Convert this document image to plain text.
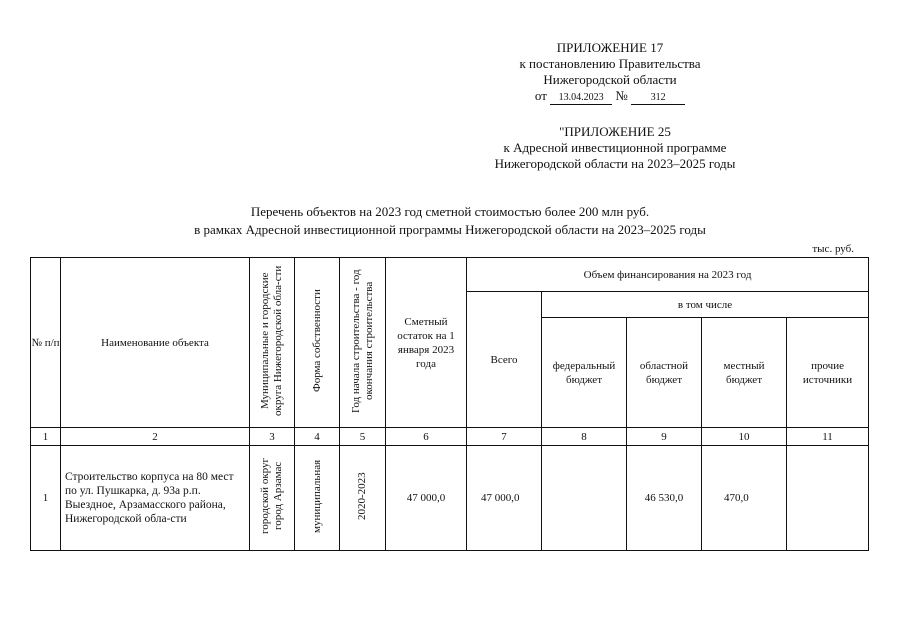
ПРИЛОЖЕНИЕ 17
к постановлению Правительства
Нижегородской области
от 13.04.2023 № 312
"ПРИЛОЖЕНИЕ 25
к Адресной инвестиционной программе
Нижегородской области на 2023–2025 годы
Перечень объектов на 2023 год сметной стоимостью более 200 млн руб.
в рамках Адресной инвестиционной программы Нижегородской области на 2023–2025 годы
тыс. руб.
№ п/п	Наименование объекта	Муниципальные и городские округа Нижегородской обла-сти	Форма собственности	Год начала строительства - год окончания строительства	Сметный остаток на 1 января 2023 года	Объем финансирования на 2023 год				
						Всего	в том числе			
							федеральный бюджет	областной бюджет	местный бюджет	прочие источники
1	2	3	4	5	6	7	8	9	10	11
1	Строительство корпуса на 80 мест по ул. Пушкарка, д. 93а р.п. Выездное, Арзамасского района, Нижегородской обла-сти	городской округ город Арзамас	муниципальная	2020-2023	47 000,0	47 000,0		46 530,0	470,0	
